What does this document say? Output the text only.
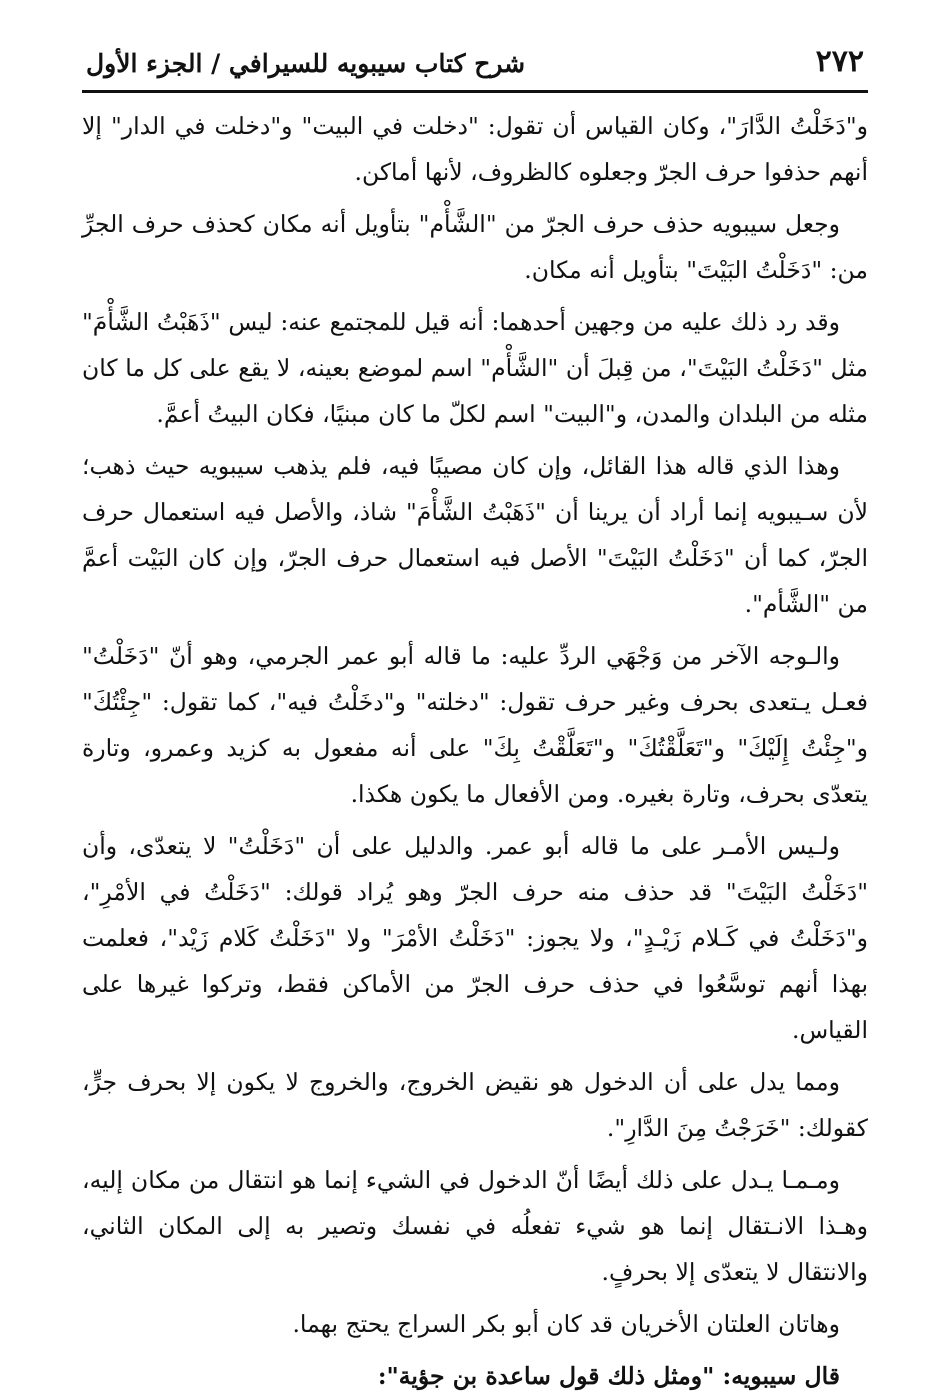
٢٧٢
شرح كتاب سيبويه للسيرافي / الجزء الأول

و"دَخَلْتُ الدَّارَ"، وكان القياس أن تقول: "دخلت في البيت" و"دخلت في الدار" إلا أنهم حذفوا حرف الجرّ وجعلوه كالظروف، لأنها أماكن.

وجعل سيبويه حذف حرف الجرّ من "الشَّأْم" بتأويل أنه مكان كحذف حرف الجرِّ من: "دَخَلْتُ البَيْتَ" بتأويل أنه مكان.

وقد رد ذلك عليه من وجهين أحدهما: أنه قيل للمجتمع عنه: ليس "ذَهَبْتُ الشَّأْمَ" مثل "دَخَلْتُ البَيْتَ"، من قِبلَ أن "الشَّأْم" اسم لموضع بعينه، لا يقع على كل ما كان مثله من البلدان والمدن، و"البيت" اسم لكلّ ما كان مبنيًا، فكان البيتُ أعمَّ.

وهذا الذي قاله هذا القائل، وإن كان مصيبًا فيه، فلم يذهب سيبويه حيث ذهب؛ لأن سـيبويه إنما أراد أن يرينا أن "ذَهَبْتُ الشَّأْمَ" شاذ، والأصل فيه استعمال حرف الجرّ، كما أن "دَخَلْتُ البَيْتَ" الأصل فيه استعمال حرف الجرّ، وإن كان البَيْت أعمَّ من "الشَّأم".

والـوجه الآخر من وَجْهَي الردِّ عليه: ما قاله أبو عمر الجرمي، وهو أنّ "دَخَلْتُ" فعـل يـتعدى بحرف وغير حرف تقول: "دخلته" و"دخَلْتُ فيه"، كما تقول: "جِئْتُكَ" و"جِئْتُ إِلَيْكَ" و"تَعَلَّقْتُكَ" و"تَعَلَّقْتُ بِكَ" على أنه مفعول به كزيد وعمرو، وتارة يتعدّى بحرف، وتارة بغيره. ومن الأفعال ما يكون هكذا.

ولـيس الأمـر على ما قاله أبو عمر. والدليل على أن "دَخَلْتُ" لا يتعدّى، وأن "دَخَلْتُ البَيْتَ" قد حذف منه حرف الجرّ وهو يُراد قولك: "دَخَلْتُ في الأمْرِ"، و"دَخَلْتُ في كَـلام زَيْـدٍ"، ولا يجوز: "دَخَلْتُ الأمْرَ" ولا "دَخَلْتُ كَلام زَيْد"، فعلمت بهذا أنهم توسَّعُوا في حذف حرف الجرّ من الأماكن فقط، وتركوا غيرها على القياس.

ومما يدل على أن الدخول هو نقيض الخروج، والخروج لا يكون إلا بحرف جرٍّ، كقولك: "خَرَجْتُ مِنَ الدَّارِ".

ومـمـا يـدل على ذلك أيضًا أنّ الدخول في الشيء إنما هو انتقال من مكان إليه، وهـذا الانـتقال إنما هو شيء تفعلُه في نفسك وتصير به إلى المكان الثاني، والانتقال لا يتعدّى إلا بحرفٍ.

وهاتان العلتان الأخريان قد كان أبو بكر السراج يحتج بهما.

قال سيبويه: "ومثل ذلك قول ساعدة بن جؤية":
